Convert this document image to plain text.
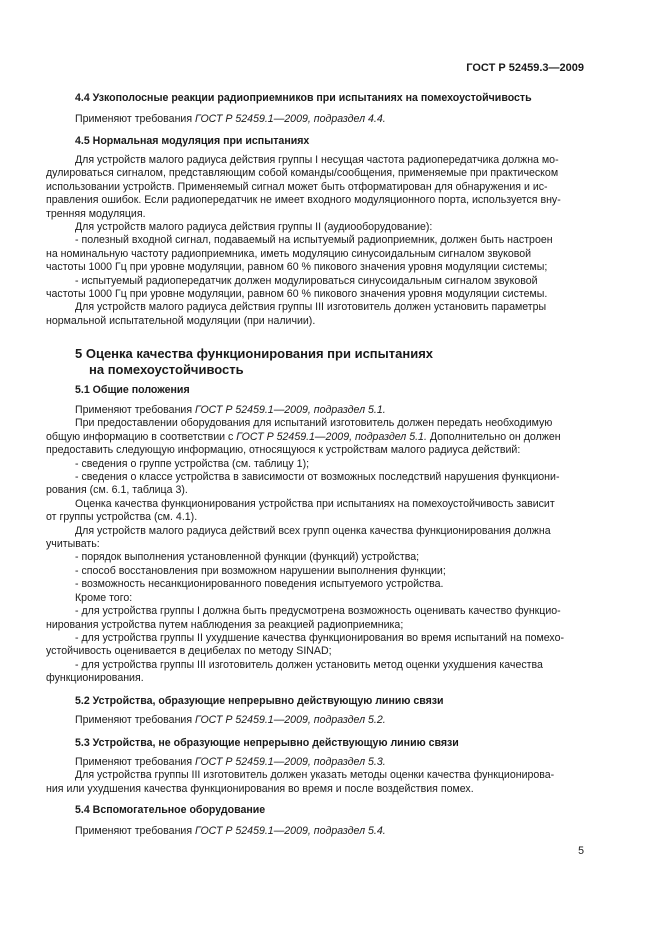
ГОСТ Р 52459.3—2009
4.4 Узкополосные реакции радиоприемников при испытаниях на помехоустойчивость
Применяют требования ГОСТ Р 52459.1—2009, подраздел 4.4.
4.5 Нормальная модуляция при испытаниях
Для устройств малого радиуса действия группы I несущая частота радиопередатчика должна мо-
дулироваться сигналом, представляющим собой команды/сообщения, применяемые при практическом
использовании устройств. Применяемый сигнал может быть отформатирован для обнаружения и ис-
правления ошибок. Если радиопередатчик не имеет входного модуляционного порта, используется вну-
тренняя модуляция.
Для устройств малого радиуса действия группы II (аудиооборудование):
- полезный входной сигнал, подаваемый на испытуемый радиоприемник, должен быть настроен
на номинальную частоту радиоприемника, иметь модуляцию синусоидальным сигналом звуковой
частоты 1000 Гц при уровне модуляции, равном 60 % пикового значения уровня модуляции системы;
- испытуемый радиопередатчик должен модулироваться синусоидальным сигналом звуковой
частоты 1000 Гц при уровне модуляции, равном 60 % пикового значения уровня модуляции системы.
Для устройств малого радиуса действия группы III изготовитель должен установить параметры
нормальной испытательной модуляции (при наличии).
5 Оценка качества функционирования при испытаниях
на помехоустойчивость
5.1 Общие положения
Применяют требования ГОСТ Р 52459.1—2009, подраздел 5.1.
При предоставлении оборудования для испытаний изготовитель должен передать необходимую
общую информацию в соответствии с ГОСТ Р 52459.1—2009, подраздел 5.1. Дополнительно он должен
предоставить следующую информацию, относящуюся к устройствам малого радиуса действий:
- сведения о группе устройства (см. таблицу 1);
- сведения о классе устройства в зависимости от возможных последствий нарушения функциони-
рования (см. 6.1, таблица 3).
Оценка качества функционирования устройства при испытаниях на помехоустойчивость зависит
от группы устройства (см. 4.1).
Для устройств малого радиуса действий всех групп оценка качества функционирования должна
учитывать:
- порядок выполнения установленной функции (функций) устройства;
- способ восстановления при возможном нарушении выполнения функции;
- возможность несанкционированного поведения испытуемого устройства.
Кроме того:
- для устройства группы I должна быть предусмотрена возможность оценивать качество функцио-
нирования устройства путем наблюдения за реакцией радиоприемника;
- для устройства группы II ухудшение качества функционирования во время испытаний на помехо-
устойчивость оценивается в децибелах по методу SINAD;
- для устройства группы III изготовитель должен установить метод оценки ухудшения качества
функционирования.
5.2 Устройства, образующие непрерывно действующую линию связи
Применяют требования ГОСТ Р 52459.1—2009, подраздел 5.2.
5.3 Устройства, не образующие непрерывно действующую линию связи
Применяют требования ГОСТ Р 52459.1—2009, подраздел 5.3.
Для устройства группы III изготовитель должен указать методы оценки качества функционирова-
ния или ухудшения качества функционирования во время и после воздействия помех.
5.4 Вспомогательное оборудование
Применяют требования ГОСТ Р 52459.1—2009, подраздел 5.4.
5
